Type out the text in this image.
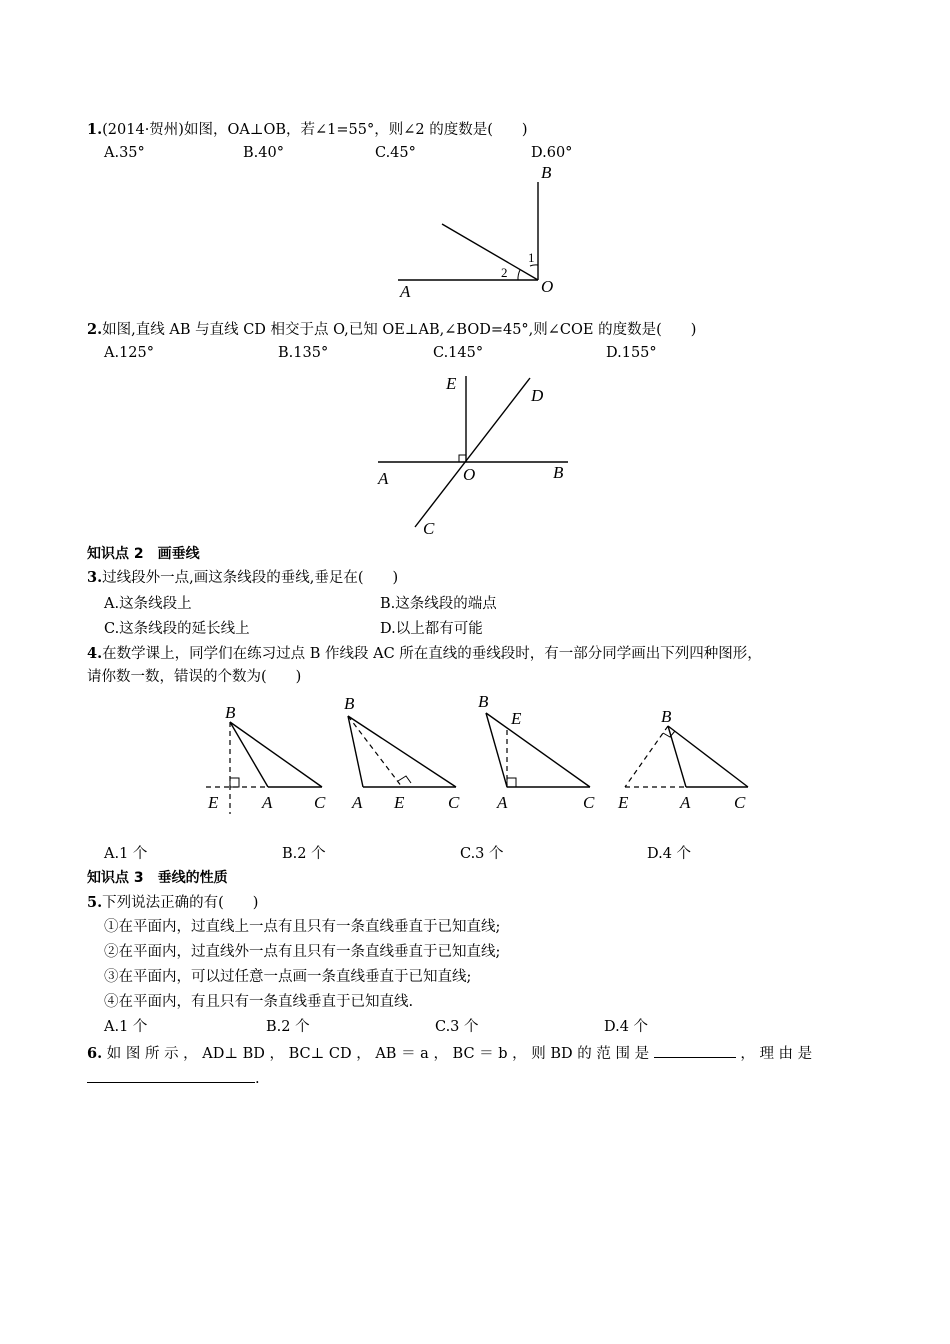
1.(2014·贺州)如图，OA⊥OB，若∠1=55°，则∠2 的度数是(　　)
A.35°	B.40°	C.45°	D.60°
B
A	O
1
2
2.如图,直线 AB 与直线 CD 相交于点 O,已知 OE⊥AB,∠BOD=45°,则∠COE 的度数是(　　)
A.125°	B.135°	C.145°	D.155°
E
D
A	O	B
C
知识点 2　画垂线
3.过线段外一点,画这条线段的垂线,垂足在(　　)
A.这条线段上	B.这条线段的端点
C.这条线段的延长线上	D.以上都有可能
4.在数学课上，同学们在练习过点 B 作线段 AC 所在直线的垂线段时，有一部分同学画出下列四种图形，
请你数一数，错误的个数为(　　)
B
E	A C
B
A E	C
B
E
A	C
B
E	A	C
A.1 个	B.2 个	C.3 个	D.4 个
知识点 3　垂线的性质
5.下列说法正确的有(　　)
①在平面内，过直线上一点有且只有一条直线垂直于已知直线;
②在平面内，过直线外一点有且只有一条直线垂直于已知直线;
③在平面内，可以过任意一点画一条直线垂直于已知直线;
④在平面内，有且只有一条直线垂直于已知直线.
A.1 个	B.2 个	C.3 个	D.4 个
6. 如 图 所 示 ， AD⊥ BD ， BC⊥ CD ， AB ＝ a ， BC ＝ b ， 则 BD 的 范 围 是	， 理 由 是
.
